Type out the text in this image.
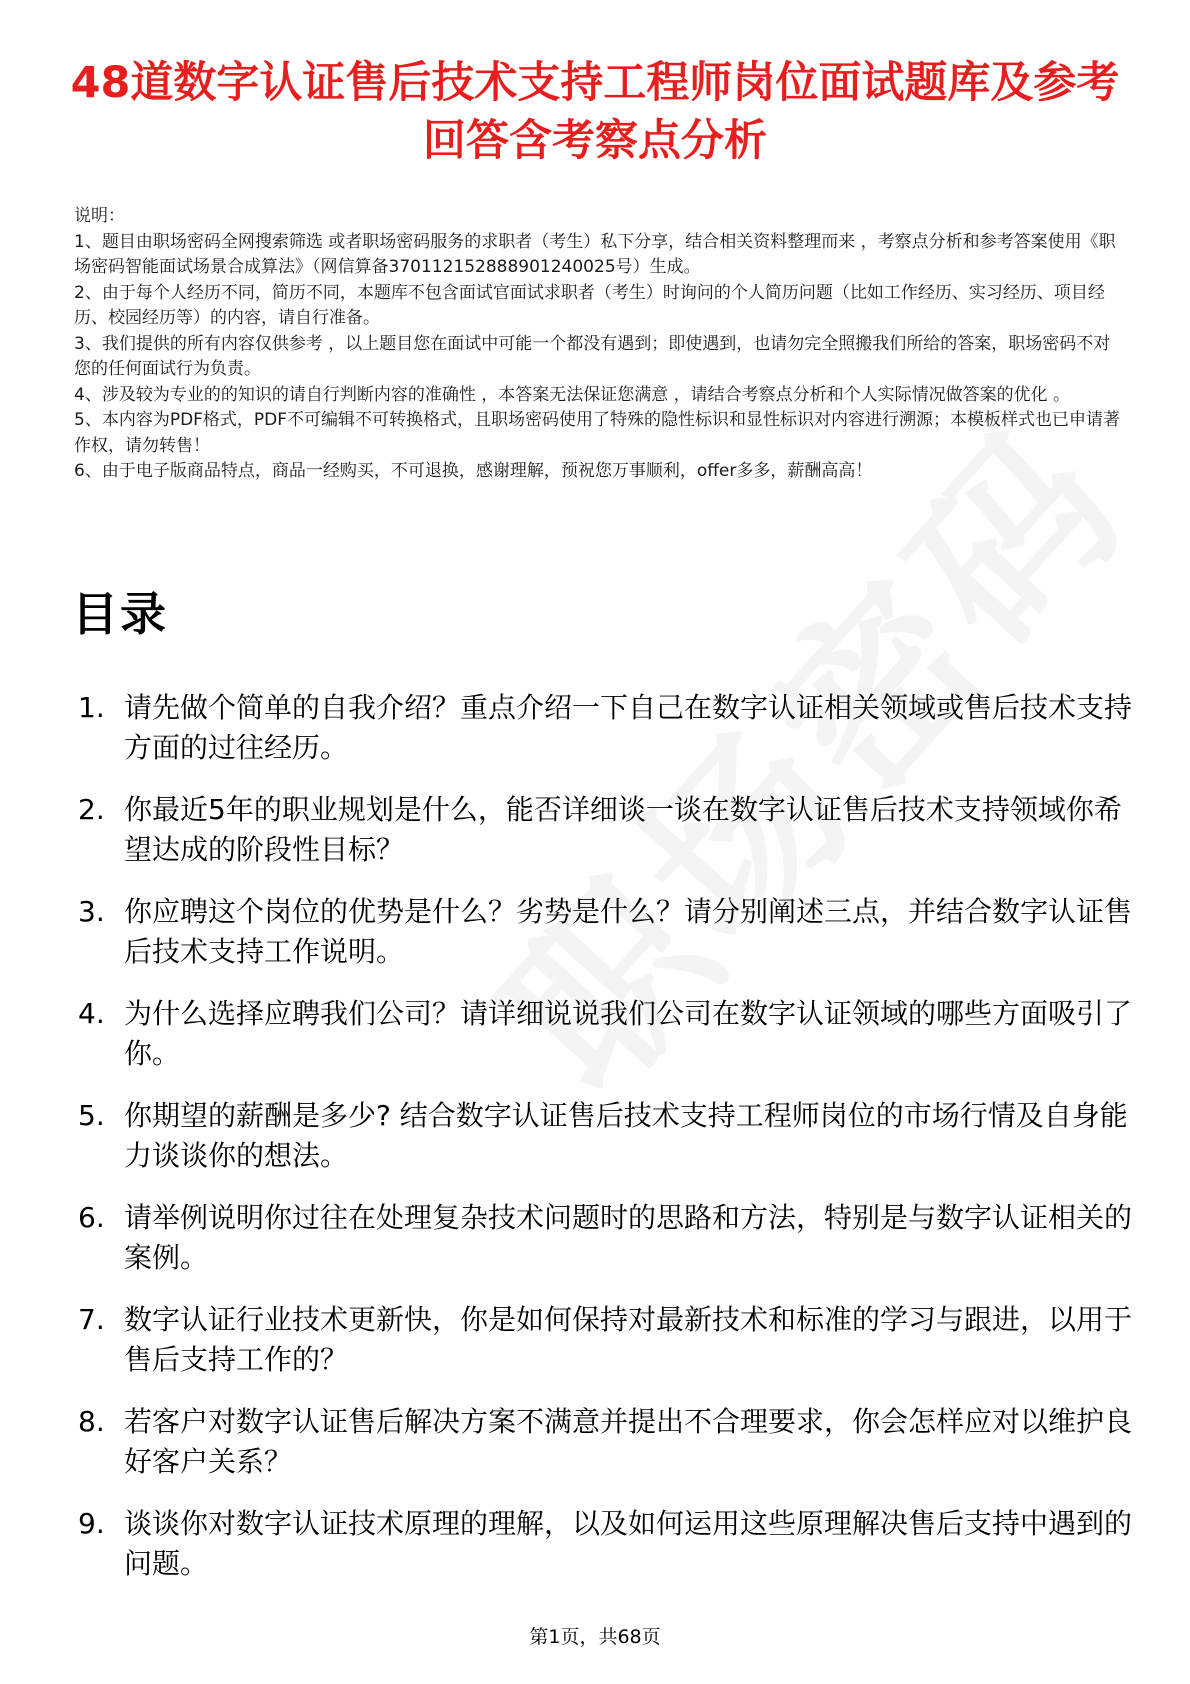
48道数字认证售后技术支持工程师岗位面试题库及参考回答含考察点分析

说明：

1、题目由职场密码全网搜索筛选 或者职场密码服务的求职者（考生）私下分享，结合相关资料整理而来 ，考察点分析和参考答案使用《职场密码智能面试场景合成算法》（网信算备370112152888901240025号）生成。

2、由于每个人经历不同，简历不同，本题库不包含面试官面试求职者（考生）时询问的个人简历问题（比如工作经历、实习经历、项目经历、校园经历等）的内容，请自行准备。

3、我们提供的所有内容仅供参考 ，以上题目您在面试中可能一个都没有遇到；即使遇到，也请勿完全照搬我们所给的答案，职场密码不对您的任何面试行为负责。

4、涉及较为专业的的知识的请自行判断内容的准确性 ，本答案无法保证您满意 ，请结合考察点分析和个人实际情况做答案的优化 。

5、本内容为PDF格式，PDF不可编辑不可转换格式，且职场密码使用了特殊的隐性标识和显性标识对内容进行溯源；本模板样式也已申请著作权，请勿转售！

6、由于电子版商品特点，商品一经购买，不可退换，感谢理解，预祝您万事顺利，offer多多，薪酬高高！

目录
1. 请先做个简单的自我介绍？重点介绍一下自己在数字认证相关领域或售后技术支持方面的过往经历。
2. 你最近5年的职业规划是什么，能否详细谈一谈在数字认证售后技术支持领域你希望达成的阶段性目标？
3. 你应聘这个岗位的优势是什么？劣势是什么？请分别阐述三点，并结合数字认证售后技术支持工作说明。
4. 为什么选择应聘我们公司？请详细说说我们公司在数字认证领域的哪些方面吸引了你。
5. 你期望的薪酬是多少? 结合数字认证售后技术支持工程师岗位的市场行情及自身能力谈谈你的想法。
6. 请举例说明你过往在处理复杂技术问题时的思路和方法，特别是与数字认证相关的案例。
7. 数字认证行业技术更新快，你是如何保持对最新技术和标准的学习与跟进，以用于售后支持工作的？
8. 若客户对数字认证售后解决方案不满意并提出不合理要求，你会怎样应对以维护良好客户关系？
9. 谈谈你对数字认证技术原理的理解，以及如何运用这些原理解决售后支持中遇到的问题。
第1页，共68页
